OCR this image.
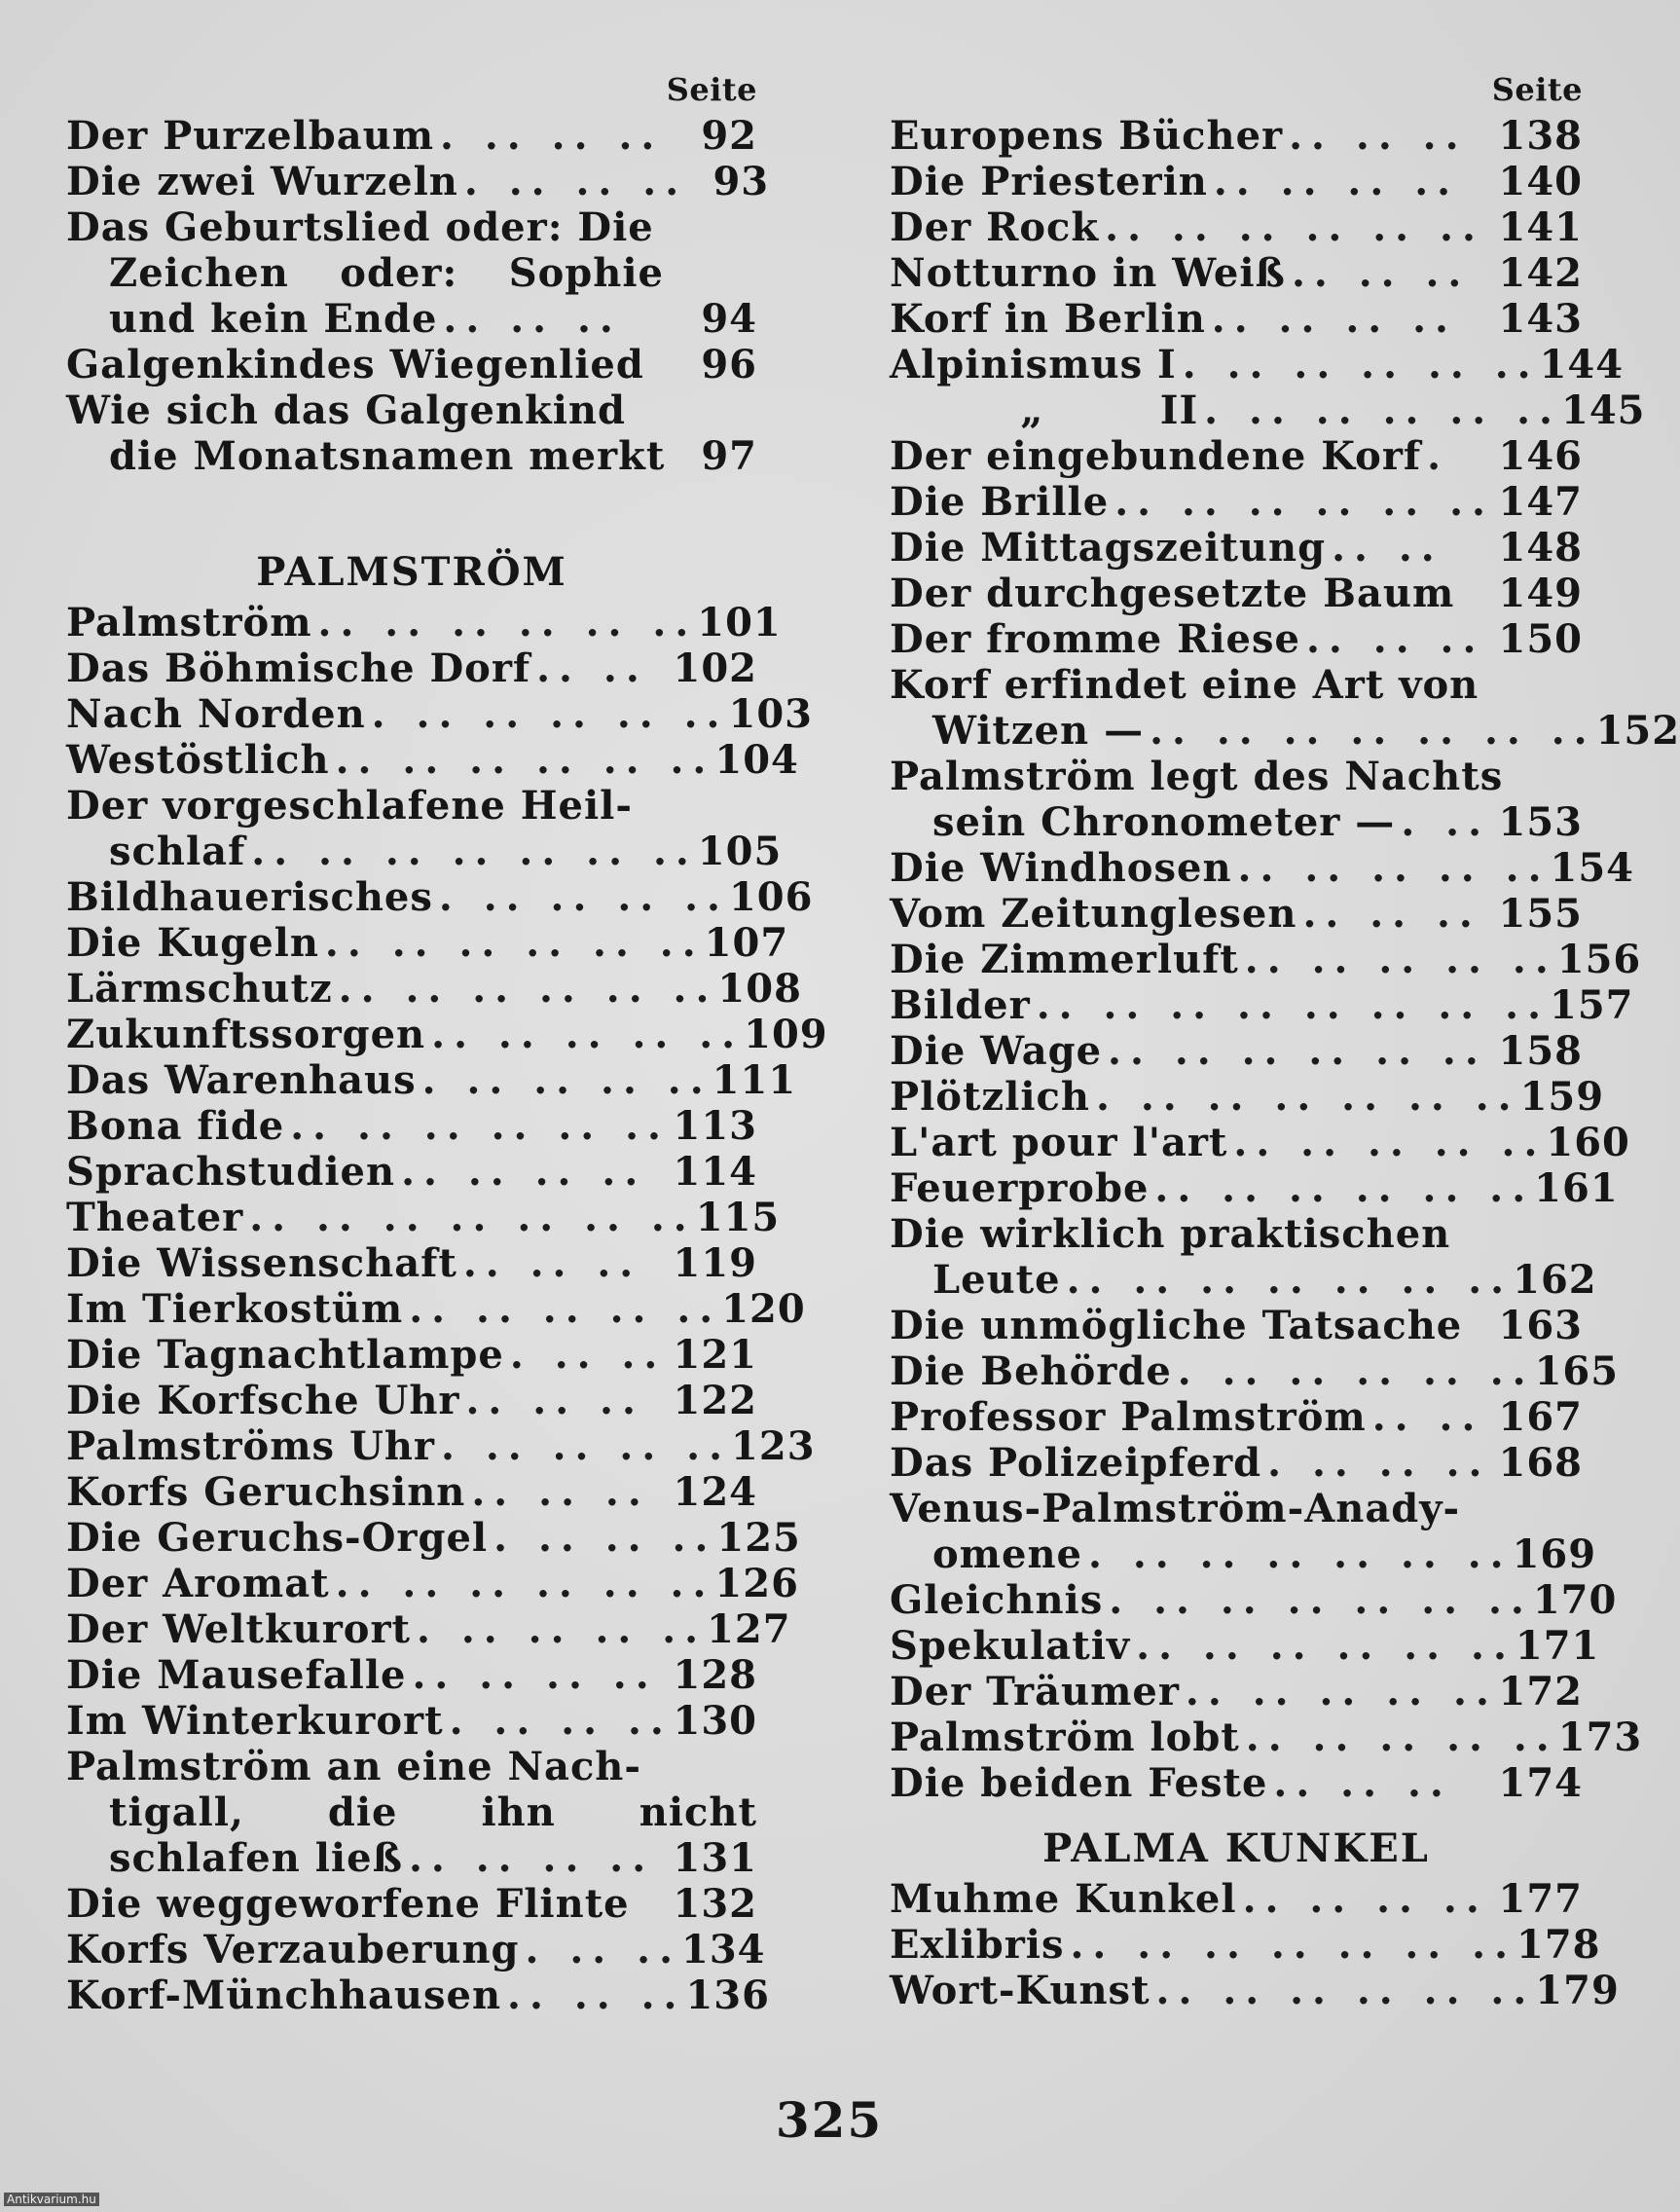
Seite
Der Purzelbaum . .. .. .. 92
Die zwei Wurzeln . .. .. .. 93
Das Geburtslied oder: Die
Zeichen oder: Sophie
und kein Ende .. .. ..	94
Galgenkindes Wiegenlied	96
Wie sich das Galgenkind
die Monatsnamen merkt 97
PALMSTRÖM
Palmström .. .. .. .. .. .. 101
Das Böhmische Dorf .. .. 102
Nach Norden . .. .. .. .. .. 103
Westöstlich .. .. .. .. .. .. 104
Der vorgeschlafene Heil-
schlaf .. .. .. .. .. .. .. 105
Bildhauerisches . .. .. .. .. 106
Die Kugeln .. .. .. .. .. .. 107
Lärmschutz .. .. .. .. .. .. 108
Zukunftssorgen .. .. .. .. .. 109
Das Warenhaus . .. .. .. .. 111
Bona fide .. .. .. .. .. .. 113
Sprachstudien .. .. .. .. 114
Theater .. .. .. .. .. .. .. 115
Die Wissenschaft .. .. .. 119
Im Tierkostüm .. .. .. .. .. 120
Die Tagnachtlampe . .. .. 121
Die Korfsche Uhr .. .. .. 122
Palmströms Uhr . .. .. .. .. 123
Korfs Geruchsinn .. .. .. 124
Die Geruchs-Orgel . .. .. .. 125
Der Aromat .. .. .. .. .. .. 126
Der Weltkurort . .. .. .. .. 127
Die Mausefalle .. .. .. .. 128
Im Winterkurort . .. .. .. 130
Palmström an eine Nach-
tigall, die ihn nicht
schlafen ließ .. .. .. .. 131
Die weggeworfene Flinte 132
Korfs Verzauberung . .. .. 134
Korf-Münchhausen .. .. .. 136
Seite
Europens Bücher .. .. .. 138
Die Priesterin .. .. .. ..	140
Der Rock .. .. .. .. .. .. 141
Notturno in Weiß .. .. .. 142
Korf in Berlin .. .. .. ..	143
Alpinismus I . .. .. .. .. .. 144
„        II . .. .. .. .. .. 145
Der eingebundene Korf .	146
Die Brille .. .. .. .. .. .. 147
Die Mittagszeitung .. ..	148
Der durchgesetzte Baum 149
Der fromme Riese .. .. .. 150
Korf erfindet eine Art von
Witzen — .. .. .. .. .. .. .. 152
Palmström legt des Nachts
sein Chronometer — . .. 153
Die Windhosen .. .. .. .. .. 154
Vom Zeitunglesen .. .. .. 155
Die Zimmerluft .. .. .. .. .. 156
Bilder .. .. .. .. .. .. .. .. 157
Die Wage .. .. .. .. .. .. 158
Plötzlich . .. .. .. .. .. .. 159
L'art pour l'art .. .. .. .. .. 160
Feuerprobe .. .. .. .. .. .. 161
Die wirklich praktischen
Leute .. .. .. .. .. .. .. 162
Die unmögliche Tatsache 163
Die Behörde . .. .. .. .. .. 165
Professor Palmström .. .. 167
Das Polizeipferd . .. .. .. 168
Venus-Palmström-Anady-
omene . .. .. .. .. .. .. 169
Gleichnis . .. .. .. .. .. .. 170
Spekulativ .. .. .. .. .. .. 171
Der Träumer .. .. .. .. .. 172
Palmström lobt .. .. .. .. .. 173
Die beiden Feste .. .. ..	174
PALMA KUNKEL
Muhme Kunkel .. .. .. .. 177
Exlibris .. .. .. .. .. .. .. 178
Wort-Kunst .. .. .. .. .. .. 179
325
Antikvarium.hu
